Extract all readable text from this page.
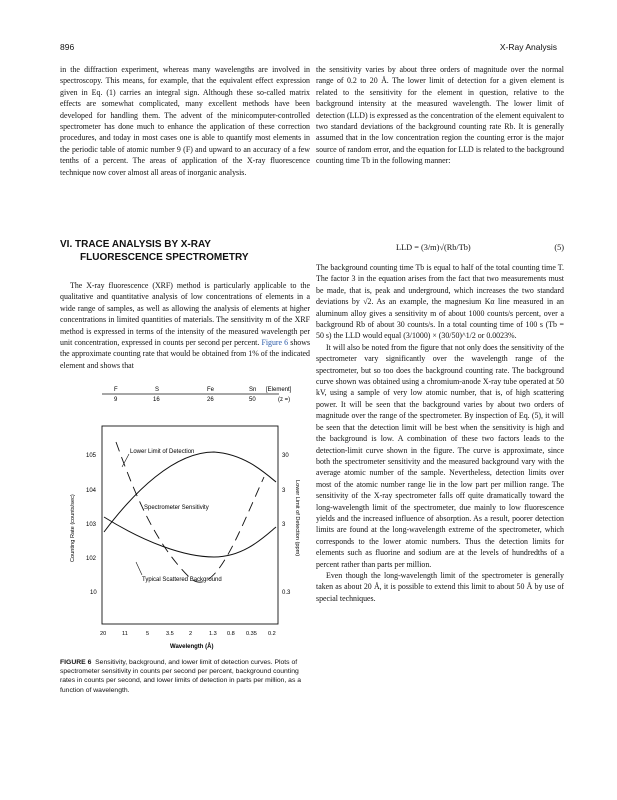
896	X-Ray Analysis

in the diffraction experiment, whereas many wavelengths are involved in spectroscopy. This means, for example, that the equivalent effect expression given in Eq. (1) carries an integral sign. Although these so-called matrix effects are somewhat complicated, many excellent methods have been developed for handling them. The advent of the minicomputer-controlled spectrometer has done much to enhance the application of these correction procedures, and today in most cases one is able to quantify most elements in the periodic table of atomic number 9 (F) and upward to an accuracy of a few tenths of a percent. The areas of application of the X-ray fluorescence technique now cover almost all areas of inorganic analysis.

VI. TRACE ANALYSIS BY X-RAY
FLUORESCENCE SPECTROMETRY

The X-ray fluorescence (XRF) method is particularly applicable to the qualitative and quantitative analysis of low concentrations of elements in a wide range of samples, as well as allowing the analysis of elements at higher concentrations in limited quantities of materials. The sensitivity m of the XRF method is expressed in terms of the intensity of the measured wavelength per unit concentration, expressed in counts per second per percent. Figure 6 shows the approximate counting rate that would be obtained from 1% of the indicated element and shows that

F	S	Fe	Sn [Element]
9	16	26	50	(z =)
105
104
103
102
10
30
3
3
0.3
20	11	5	3.5	2	1.3 0.8 0.35 0.2
Wavelength (Å)
Counting Rate (counts/sec)	Lower Limit of Detection (ppm)
Lower Limit of Detection
Spectrometer Sensitivity
Typical Scattered Background
FIGURE 6 Sensitivity, background, and lower limit of detection curves. Plots of spectrometer sensitivity in counts per second per percent, background counting rates in counts per second, and lower limits of detection in parts per million, as a function of wavelength.

the sensitivity varies by about three orders of magnitude over the normal range of 0.2 to 20 Å. The lower limit of detection for a given element is related to the sensitivity for the element in question, relative to the background intensity at the measured wavelength. The lower limit of detection (LLD) is expressed as the concentration of the element equivalent to two standard deviations of the background counting rate Rb. It is generally assumed that in the low concentration region the counting error is the major source of random error, and the equation for LLD is related to the background counting time Tb in the following manner:

LLD = (3/m)√(Rb/Tb)	(5)

The background counting time Tb is equal to half of the total counting time T. The factor 3 in the equation arises from the fact that two measurements must be made, that is, peak and underground, which increases the two standard deviations by √2. As an example, the magnesium Kα line measured in an aluminum alloy gives a sensitivity m of about 1000 counts/s percent, over a background Rb of about 30 counts/s. In a total counting time of 100 s (Tb = 50 s) the LLD would equal (3/1000) × (30/50)^1/2 or 0.0023%.

It will also be noted from the figure that not only does the sensitivity of the spectrometer vary significantly over the wavelength range of the spectrometer, but so too does the background counting rate. The background curve shown was obtained using a chromium-anode X-ray tube operated at 50 kV, using a sample of very low atomic number, that is, of high scattering power. It will be seen that the background varies by about two orders of magnitude over the range of the spectrometer. By inspection of Eq. (5), it will be seen that the detection limit will be best when the sensitivity is high and the background is low. A combination of these two factors leads to the detection-limit curve shown in the figure. The curve is approximate, since both the spectrometer sensitivity and the measured background vary with the average atomic number of the sample. Nevertheless, detection limits over most of the atomic number range lie in the low part per million range. The sensitivity of the X-ray spectrometer falls off quite dramatically toward the long-wavelength limit of the spectrometer, due mainly to low fluorescence yields and the increased influence of absorption. As a result, poorer detection limits are found at the long-wavelength extreme of the spectrometer, which corresponds to the lower atomic numbers. Thus the detection limits for elements such as fluorine and sodium are at the levels of hundredths of a percent rather than parts per million.

Even though the long-wavelength limit of the spectrometer is generally taken as about 20 Å, it is possible to extend this limit to about 50 Å by use of special techniques.
